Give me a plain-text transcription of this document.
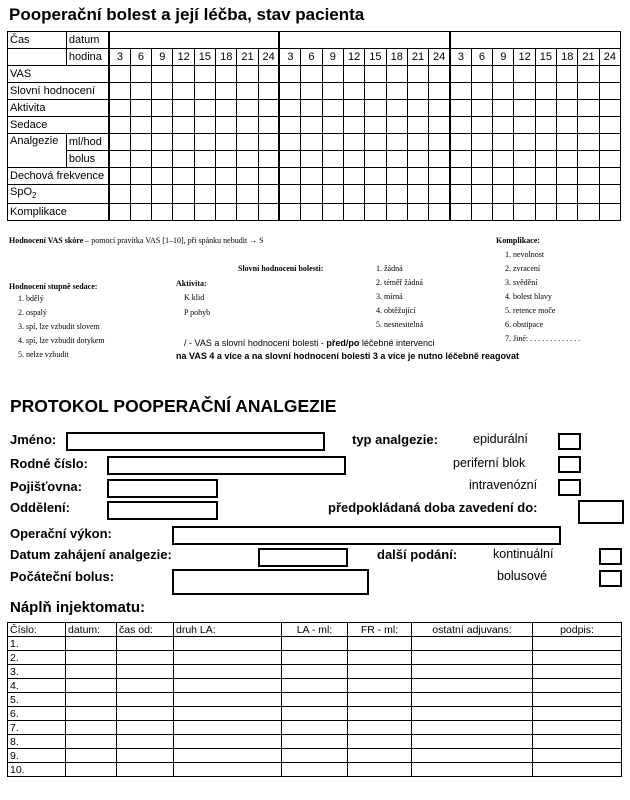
Pooperační bolest a její léčba, stav pacienta
Čas	datum																								
	hodina	3	6	9	12	15	18	21	24	3	6	9	12	15	18	21	24	3	6	9	12	15	18	21	24
VAS																									
Slovní hodnocení																									
Aktivita																									
Sedace																									
Analgezie	ml/hod																								
	bolus																								
Dechová frekvence																									
SpO$_2$																								
Komplikace																									
Hodnocení VAS skóre – pomocí pravítka VAS [1–10], při spánku nebudit → S
Hodnocení stupně sedace:
1. bdělý
2. ospalý
3. spí, lze vzbudit slovem
4. spí, lze vzbudit dotykem
5. nelze vzbudit
Aktivita:
K klid
P pohyb
Slovní hodnocení bolesti:	1. žádná
2. téměř žádná
3. mírná
4. obtěžující
5. nesnesitelná
Komplikace:
1. nevolnost
2. zvracení
3. svědění
4. bolest hlavy
5. retence moče
6. obstipace
7. Jiné: . . . . . . . . . . . . .
/ - VAS a slovní hodnocení bolesti - před/po léčebné intervenci
na VAS 4 a více a na slovní hodnocení bolesti 3 a více je nutno léčebně reagovat
PROTOKOL POOPERAČNÍ ANALGEZIE
Jméno:
Rodné číslo:
Pojišťovna:
Oddělení:
Operační výkon:
Datum zahájení analgezie:
Počáteční bolus:
typ analgezie:	epidurální
periferní blok
intravenózní
předpokládaná doba zavedení do:
další podání:	kontinuální
bolusové
Náplň injektomatu:
Číslo:	datum:	čas od:	druh LA:	LA - ml:	FR - ml:	ostatní adjuvans:	podpis:
1.							
2.							
3.							
4.							
5.							
6.							
7.							
8.							
9.							
10.							
